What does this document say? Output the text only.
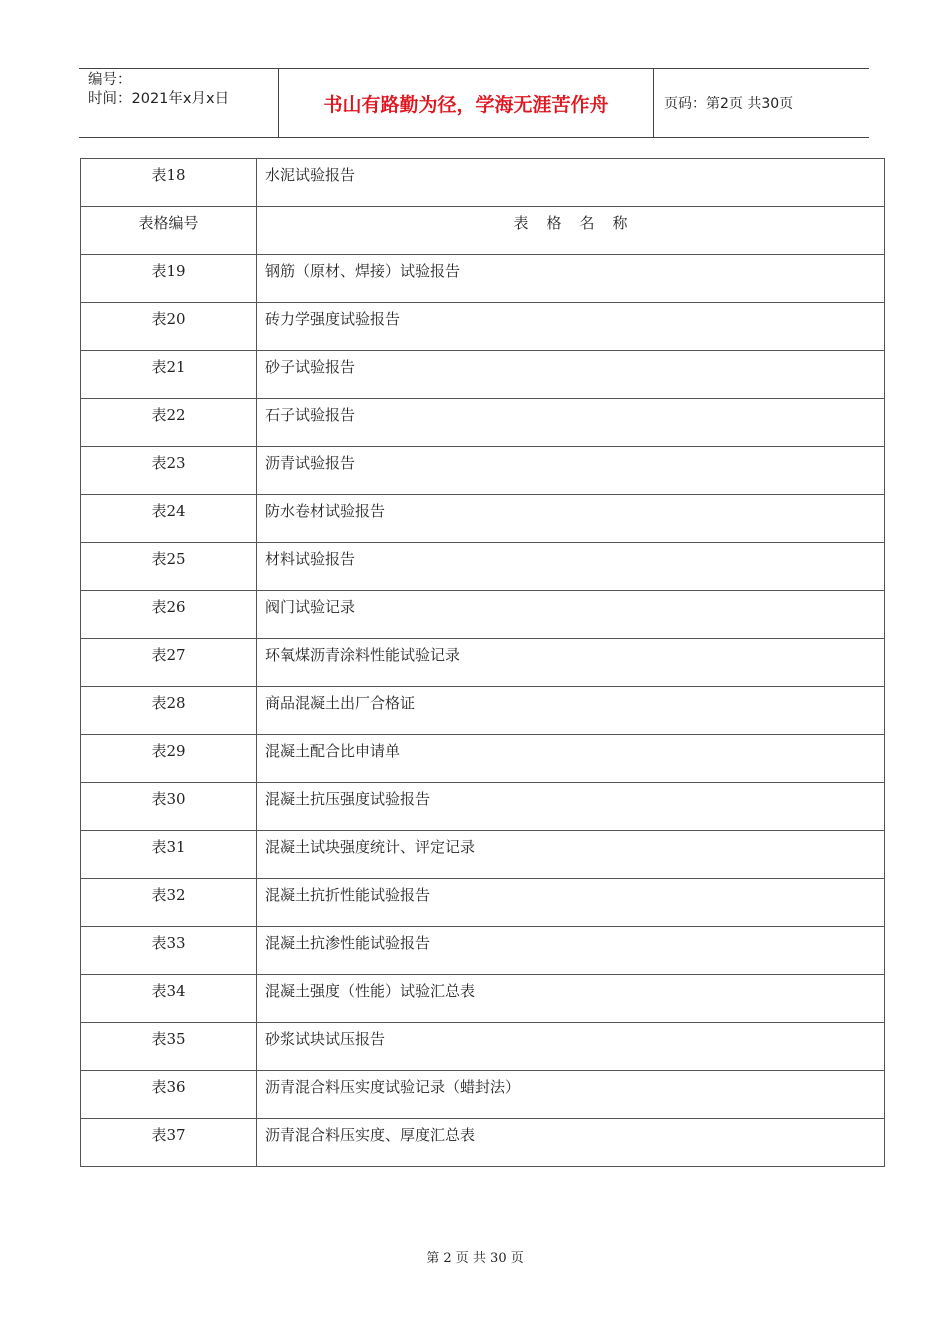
编号：
时间：2021年x月x日	书山有路勤为径，学海无涯苦作舟	页码：第2页 共30页
表18	水泥试验报告
表格编号	表格名称
表19	钢筋（原材、焊接）试验报告
表20	砖力学强度试验报告
表21	砂子试验报告
表22	石子试验报告
表23	沥青试验报告
表24	防水卷材试验报告
表25	材料试验报告
表26	阀门试验记录
表27	环氧煤沥青涂料性能试验记录
表28	商品混凝土出厂合格证
表29	混凝土配合比申请单
表30	混凝土抗压强度试验报告
表31	混凝土试块强度统计、评定记录
表32	混凝土抗折性能试验报告
表33	混凝土抗渗性能试验报告
表34	混凝土强度（性能）试验汇总表
表35	砂浆试块试压报告
表36	沥青混合料压实度试验记录（蜡封法）
表37	沥青混合料压实度、厚度汇总表
第 2 页 共 30 页
